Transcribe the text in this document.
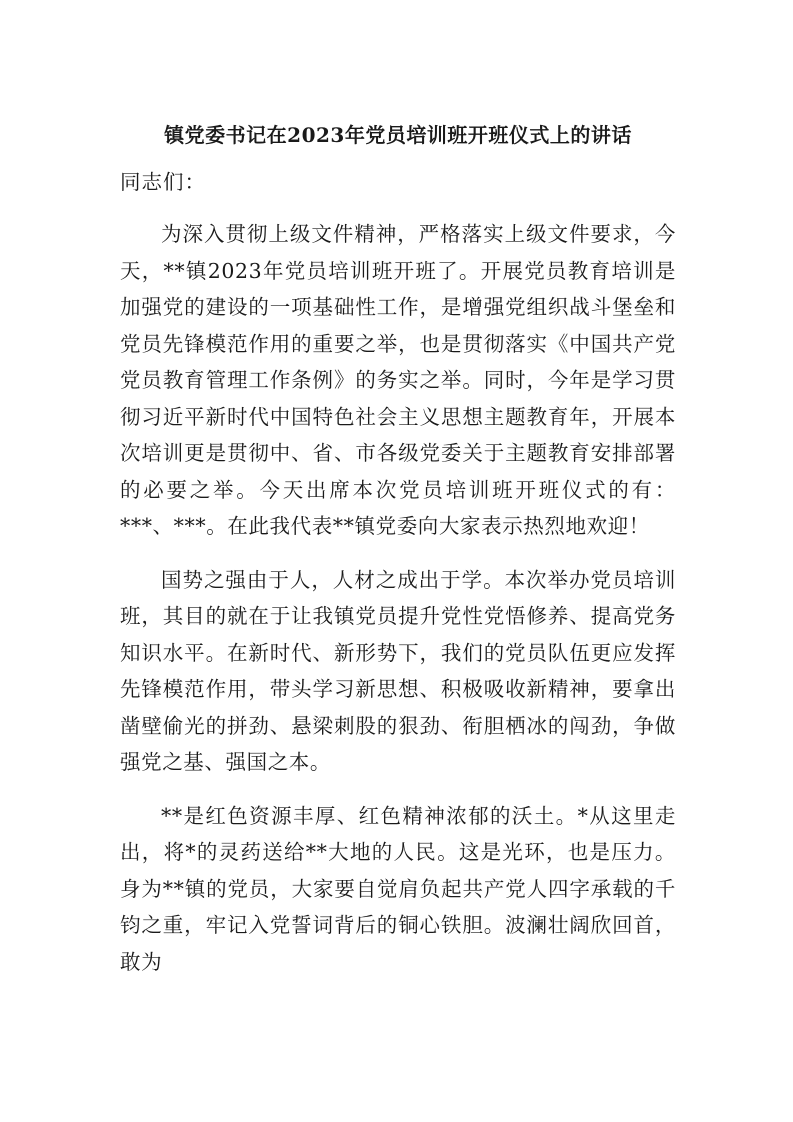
镇党委书记在2023年党员培训班开班仪式上的讲话

同志们：

为深入贯彻上级文件精神，严格落实上级文件要求，今天，**镇2023年党员培训班开班了。开展党员教育培训是加强党的建设的一项基础性工作，是增强党组织战斗堡垒和党员先锋模范作用的重要之举，也是贯彻落实《中国共产党党员教育管理工作条例》的务实之举。同时，今年是学习贯彻习近平新时代中国特色社会主义思想主题教育年，开展本次培训更是贯彻中、省、市各级党委关于主题教育安排部署的必要之举。今天出席本次党员培训班开班仪式的有：***、***。在此我代表**镇党委向大家表示热烈地欢迎！

国势之强由于人，人材之成出于学。本次举办党员培训班，其目的就在于让我镇党员提升党性党悟修养、提高党务知识水平。在新时代、新形势下，我们的党员队伍更应发挥先锋模范作用，带头学习新思想、积极吸收新精神，要拿出凿壁偷光的拼劲、悬梁刺股的狠劲、衔胆栖冰的闯劲，争做强党之基、强国之本。

**是红色资源丰厚、红色精神浓郁的沃土。*从这里走出，将*的灵药送给**大地的人民。这是光环，也是压力。身为**镇的党员，大家要自觉肩负起共产党人四字承载的千钧之重，牢记入党誓词背后的铜心铁胆。波澜壮阔欣回首，敢为
